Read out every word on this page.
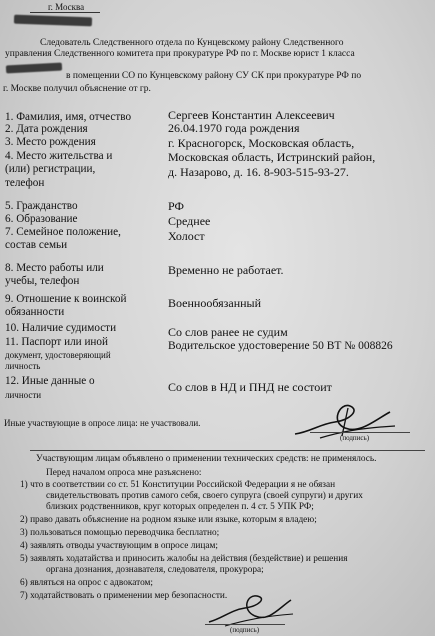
г. Москва
Следователь Следственного отдела по Кунцевскому району Следственного
управления Следственного комитета при прокуратуре РФ по г. Москве юрист 1 класса
в помещении СО по Кунцевскому району СУ СК при прокуратуре РФ по
г. Москве получил объяснение от гр.
1. Фамилия, имя, отчество	Сергеев Константин Алексеевич
2. Дата рождения	26.04.1970 года рождения
3. Место рождения	г. Красногорск, Московская область,
4. Место жительства и	Московская область, Истринский район,
(или) регистрации,	д. Назарово, д. 16. 8-903-515-93-27.
телефон
5. Гражданство	РФ
6. Образование	Среднее
7. Семейное положение,	Холост
состав семьи
8. Место работы или	Временно не работает.
учебы, телефон
9. Отношение к воинской	Военнообязанный
обязанности
10. Наличие судимости	Со слов ранее не судим
11. Паспорт или иной	Водительское удостоверение 50 ВТ № 008826
документ, удостоверяющий
личность
12. Иные данные о	Со слов в НД и ПНД не состоит
личности
Иные участвующие в опросе лица: не участвовали.
(подпись)
Участвующим лицам объявлено о применении технических средств: не применялось.
Перед началом опроса мне разъяснено:
1) что в соответствии со ст. 51 Конституции Российской Федерации я не обязан
свидетельствовать против самого себя, своего супруга (своей супруги) и других
близких родственников, круг которых определен п. 4 ст. 5 УПК РФ;
2) право давать объяснение на родном языке или языке, которым я владею;
3) пользоваться помощью переводчика бесплатно;
4) заявлять отводы участвующим в опросе лицам;
5) заявлять ходатайства и приносить жалобы на действия (бездействие) и решения
органа дознания, дознавателя, следователя, прокурора;
6) являться на опрос с адвокатом;
7) ходатайствовать о применении мер безопасности.
(подпись)
